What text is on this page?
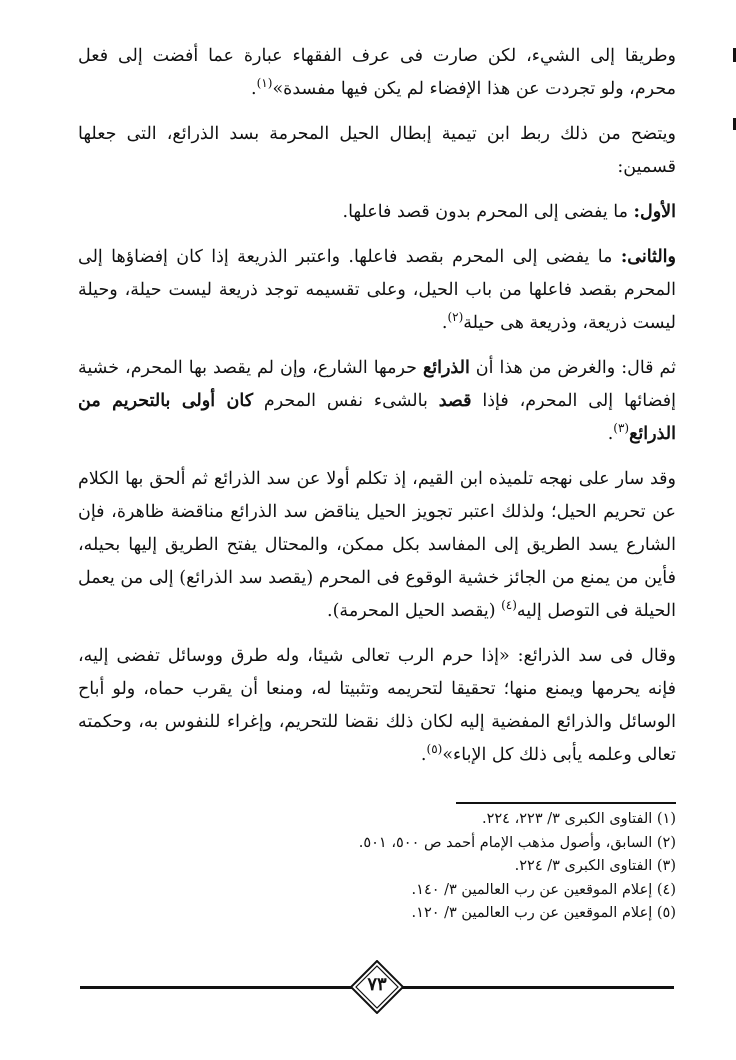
وطريقا إلى الشيء، لكن صارت فى عرف الفقهاء عبارة عما أفضت إلى فعل محرم، ولو تجردت عن هذا الإفضاء لم يكن فيها مفسدة»$^{(١)}$.

ويتضح من ذلك ربط ابن تيمية إبطال الحيل المحرمة بسد الذرائع، التى جعلها قسمين:

الأول: ما يفضى إلى المحرم بدون قصد فاعلها.

والثانى: ما يفضى إلى المحرم بقصد فاعلها. واعتبر الذريعة إذا كان إفضاؤها إلى المحرم بقصد فاعلها من باب الحيل، وعلى تقسيمه توجد ذريعة ليست حيلة، وحيلة ليست ذريعة، وذريعة هى حيلة$^{(٢)}$.

ثم قال: والغرض من هذا أن الذرائع حرمها الشارع، وإن لم يقصد بها المحرم، خشية إفضائها إلى المحرم، فإذا قصد بالشىء نفس المحرم كان أولى بالتحريم من الذرائع$^{(٣)}$.

وقد سار على نهجه تلميذه ابن القيم، إذ تكلم أولا عن سد الذرائع ثم ألحق بها الكلام عن تحريم الحيل؛ ولذلك اعتبر تجويز الحيل يناقض سد الذرائع مناقضة ظاهرة، فإن الشارع يسد الطريق إلى المفاسد بكل ممكن، والمحتال يفتح الطريق إليها بحيله، فأين من يمنع من الجائز خشية الوقوع فى المحرم (يقصد سد الذرائع) إلى من يعمل الحيلة فى التوصل إليه$^{(٤)}$ (يقصد الحيل المحرمة).

وقال فى سد الذرائع: «إذا حرم الرب تعالى شيئا، وله طرق ووسائل تفضى إليه، فإنه يحرمها ويمنع منها؛ تحقيقا لتحريمه وتثبيتا له، ومنعا أن يقرب حماه، ولو أباح الوسائل والذرائع المفضية إليه لكان ذلك نقضا للتحريم، وإغراء للنفوس به، وحكمته تعالى وعلمه يأبى ذلك كل الإباء»$^{(٥)}$.

(١) الفتاوى الكبرى ٣/ ٢٢٣، ٢٢٤.
(٢) السابق، وأصول مذهب الإمام أحمد ص ٥٠٠، ٥٠١.
(٣) الفتاوى الكبرى ٣/ ٢٢٤.
(٤) إعلام الموقعين عن رب العالمين ٣/ ١٤٠.
(٥) إعلام الموقعين عن رب العالمين ٣/ ١٢٠.
٧٣
